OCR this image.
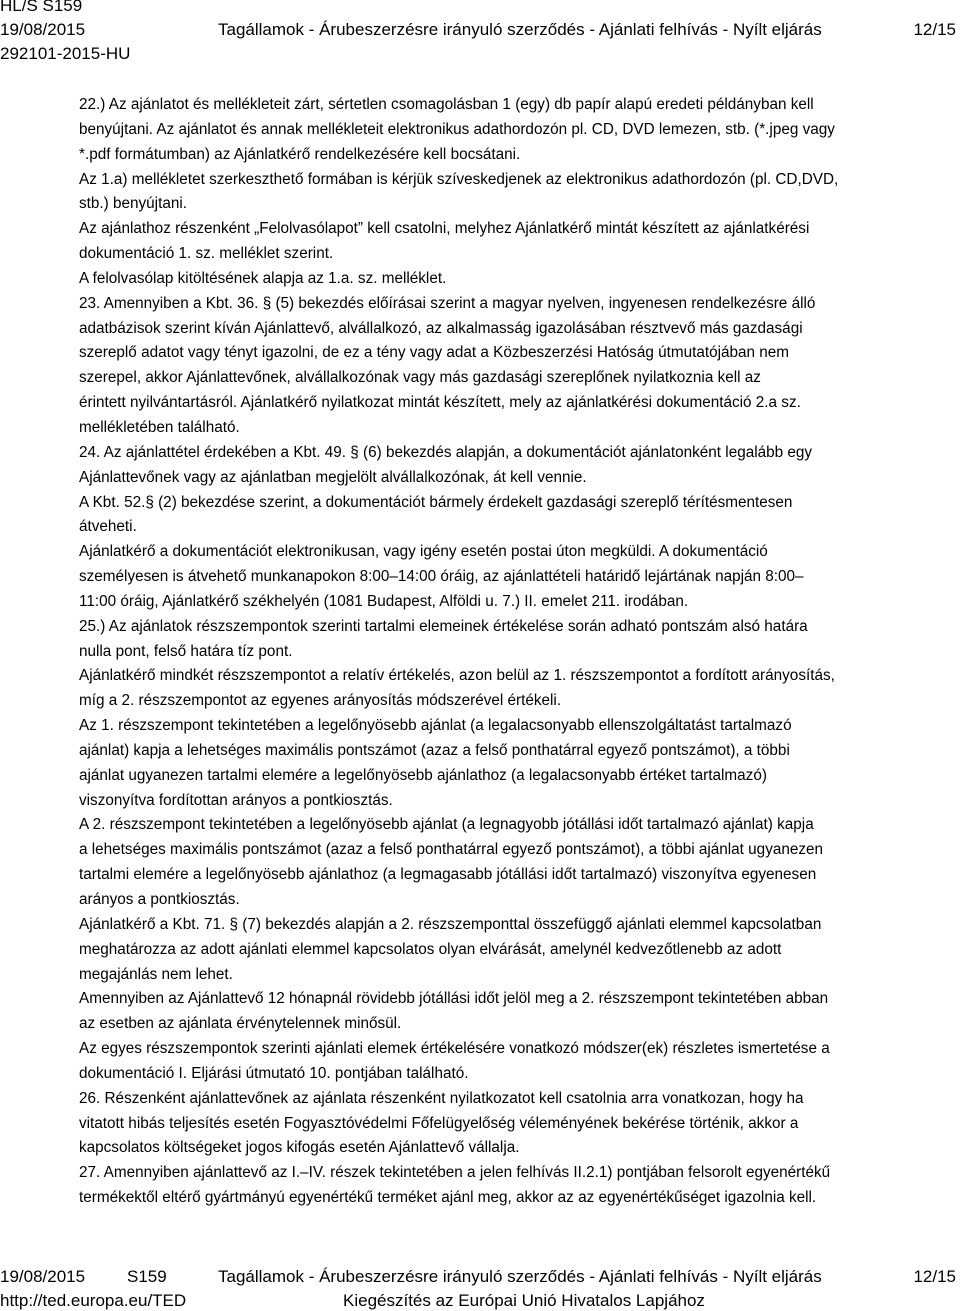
HL/S S159
19/08/2015	Tagállamok - Árubeszerzésre irányuló szerződés - Ajánlati felhívás - Nyílt eljárás	12/15
292101-2015-HU

22.) Az ajánlatot és mellékleteit zárt, sértetlen csomagolásban 1 (egy) db papír alapú eredeti példányban kell

benyújtani. Az ajánlatot és annak mellékleteit elektronikus adathordozón pl. CD, DVD lemezen, stb. (*.jpeg vagy

*.pdf formátumban) az Ajánlatkérő rendelkezésére kell bocsátani.

Az 1.a) mellékletet szerkeszthető formában is kérjük szíveskedjenek az elektronikus adathordozón (pl. CD,DVD,

stb.) benyújtani.

Az ajánlathoz részenként „Felolvasólapot” kell csatolni, melyhez Ajánlatkérő mintát készített az ajánlatkérési

dokumentáció 1. sz. melléklet szerint.

A felolvasólap kitöltésének alapja az 1.a. sz. melléklet.

23. Amennyiben a Kbt. 36. § (5) bekezdés előírásai szerint a magyar nyelven, ingyenesen rendelkezésre álló

adatbázisok szerint kíván Ajánlattevő, alvállalkozó, az alkalmasság igazolásában résztvevő más gazdasági

szereplő adatot vagy tényt igazolni, de ez a tény vagy adat a Közbeszerzési Hatóság útmutatójában nem

szerepel, akkor Ajánlattevőnek, alvállalkozónak vagy más gazdasági szereplőnek nyilatkoznia kell az

érintett nyilvántartásról. Ajánlatkérő nyilatkozat mintát készített, mely az ajánlatkérési dokumentáció 2.a sz.

mellékletében található.

24. Az ajánlattétel érdekében a Kbt. 49. § (6) bekezdés alapján, a dokumentációt ajánlatonként legalább egy

Ajánlattevőnek vagy az ajánlatban megjelölt alvállalkozónak, át kell vennie.

A Kbt. 52.§ (2) bekezdése szerint, a dokumentációt bármely érdekelt gazdasági szereplő térítésmentesen

átveheti.

Ajánlatkérő a dokumentációt elektronikusan, vagy igény esetén postai úton megküldi. A dokumentáció

személyesen is átvehető munkanapokon 8:00–14:00 óráig, az ajánlattételi határidő lejártának napján 8:00–

11:00 óráig, Ajánlatkérő székhelyén (1081 Budapest, Alföldi u. 7.) II. emelet 211. irodában.

25.) Az ajánlatok részszempontok szerinti tartalmi elemeinek értékelése során adható pontszám alsó határa

nulla pont, felső határa tíz pont.

Ajánlatkérő mindkét részszempontot a relatív értékelés, azon belül az 1. részszempontot a fordított arányosítás,

míg a 2. részszempontot az egyenes arányosítás módszerével értékeli.

Az 1. részszempont tekintetében a legelőnyösebb ajánlat (a legalacsonyabb ellenszolgáltatást tartalmazó

ajánlat) kapja a lehetséges maximális pontszámot (azaz a felső ponthatárral egyező pontszámot), a többi

ajánlat ugyanezen tartalmi elemére a legelőnyösebb ajánlathoz (a legalacsonyabb értéket tartalmazó)

viszonyítva fordítottan arányos a pontkiosztás.

A 2. részszempont tekintetében a legelőnyösebb ajánlat (a legnagyobb jótállási időt tartalmazó ajánlat) kapja

a lehetséges maximális pontszámot (azaz a felső ponthatárral egyező pontszámot), a többi ajánlat ugyanezen

tartalmi elemére a legelőnyösebb ajánlathoz (a legmagasabb jótállási időt tartalmazó) viszonyítva egyenesen

arányos a pontkiosztás.

Ajánlatkérő a Kbt. 71. § (7) bekezdés alapján a 2. részszemponttal összefüggő ajánlati elemmel kapcsolatban

meghatározza az adott ajánlati elemmel kapcsolatos olyan elvárását, amelynél kedvezőtlenebb az adott

megajánlás nem lehet.

Amennyiben az Ajánlattevő 12 hónapnál rövidebb jótállási időt jelöl meg a 2. részszempont tekintetében abban

az esetben az ajánlata érvénytelennek minősül.

Az egyes részszempontok szerinti ajánlati elemek értékelésére vonatkozó módszer(ek) részletes ismertetése a

dokumentáció I. Eljárási útmutató 10. pontjában található.

26. Részenként ajánlattevőnek az ajánlata részenként nyilatkozatot kell csatolnia arra vonatkozan, hogy ha

vitatott hibás teljesítés esetén Fogyasztóvédelmi Főfelügyelőség véleményének bekérése történik, akkor a

kapcsolatos költségeket jogos kifogás esetén Ajánlattevő vállalja.

27. Amennyiben ajánlattevő az I.–IV. részek tekintetében a jelen felhívás II.2.1) pontjában felsorolt egyenértékű

termékektől eltérő gyártmányú egyenértékű terméket ajánl meg, akkor az az egyenértékűséget igazolnia kell.

19/08/2015 S159	Tagállamok - Árubeszerzésre irányuló szerződés - Ajánlati felhívás - Nyílt eljárás	12/15
http://ted.europa.eu/TED	Kiegészítés az Európai Unió Hivatalos Lapjához
